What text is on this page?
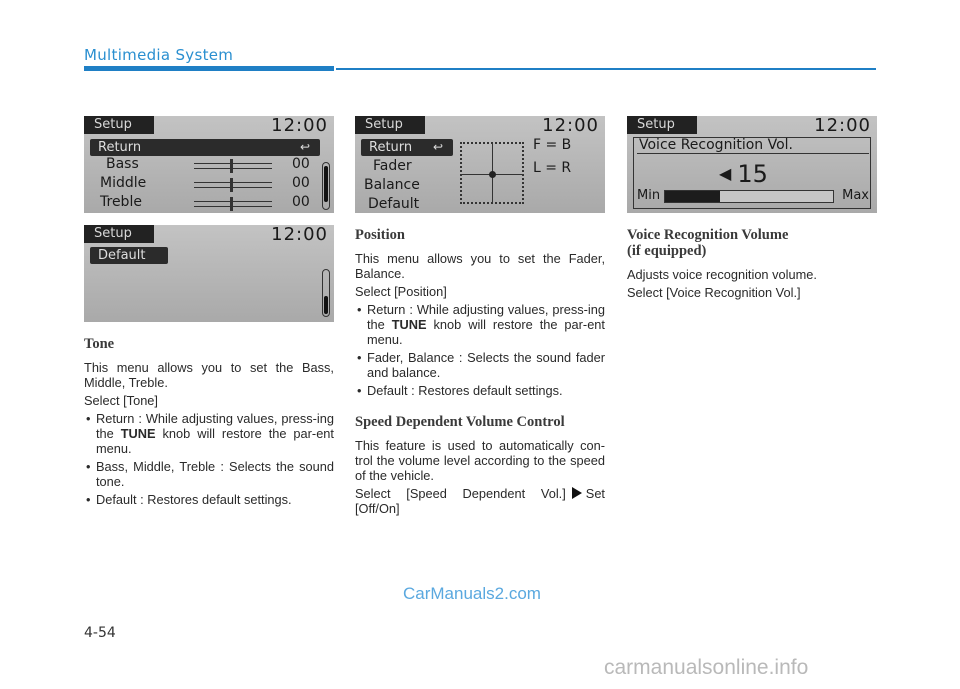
Multimedia System
Setup	12:00
Return	↩
Bass	00
Middle	00
Treble	00
Setup	12:00
Default
Tone

This menu allows you to set the Bass, Middle, Treble.

Select [Tone]

• Return : While adjusting values, press-ing the TUNE knob will restore the par-ent menu.
• Bass, Middle, Treble : Selects the sound tone.
• Default : Restores default settings.
Setup	12:00
Return ↩
Fader
Balance
Default
F = B
L = R
Position

This menu allows you to set the Fader, Balance.

Select [Position]

• Return : While adjusting values, press-ing the TUNE knob will restore the par-ent menu.
• Fader, Balance : Selects the sound fader and balance.
• Default : Restores default settings.
Speed Dependent Volume Control

This feature is used to automatically con-trol the volume level according to the speed of the vehicle.

Select [Speed Dependent Vol.] Set [Off/On]

Setup	12:00
Voice Recognition Vol.
◀ 15
Min	Max
Voice Recognition Volume
(if equipped)

Adjusts voice recognition volume.

Select [Voice Recognition Vol.]

4-54
CarManuals2.com
carmanualsonline.info
